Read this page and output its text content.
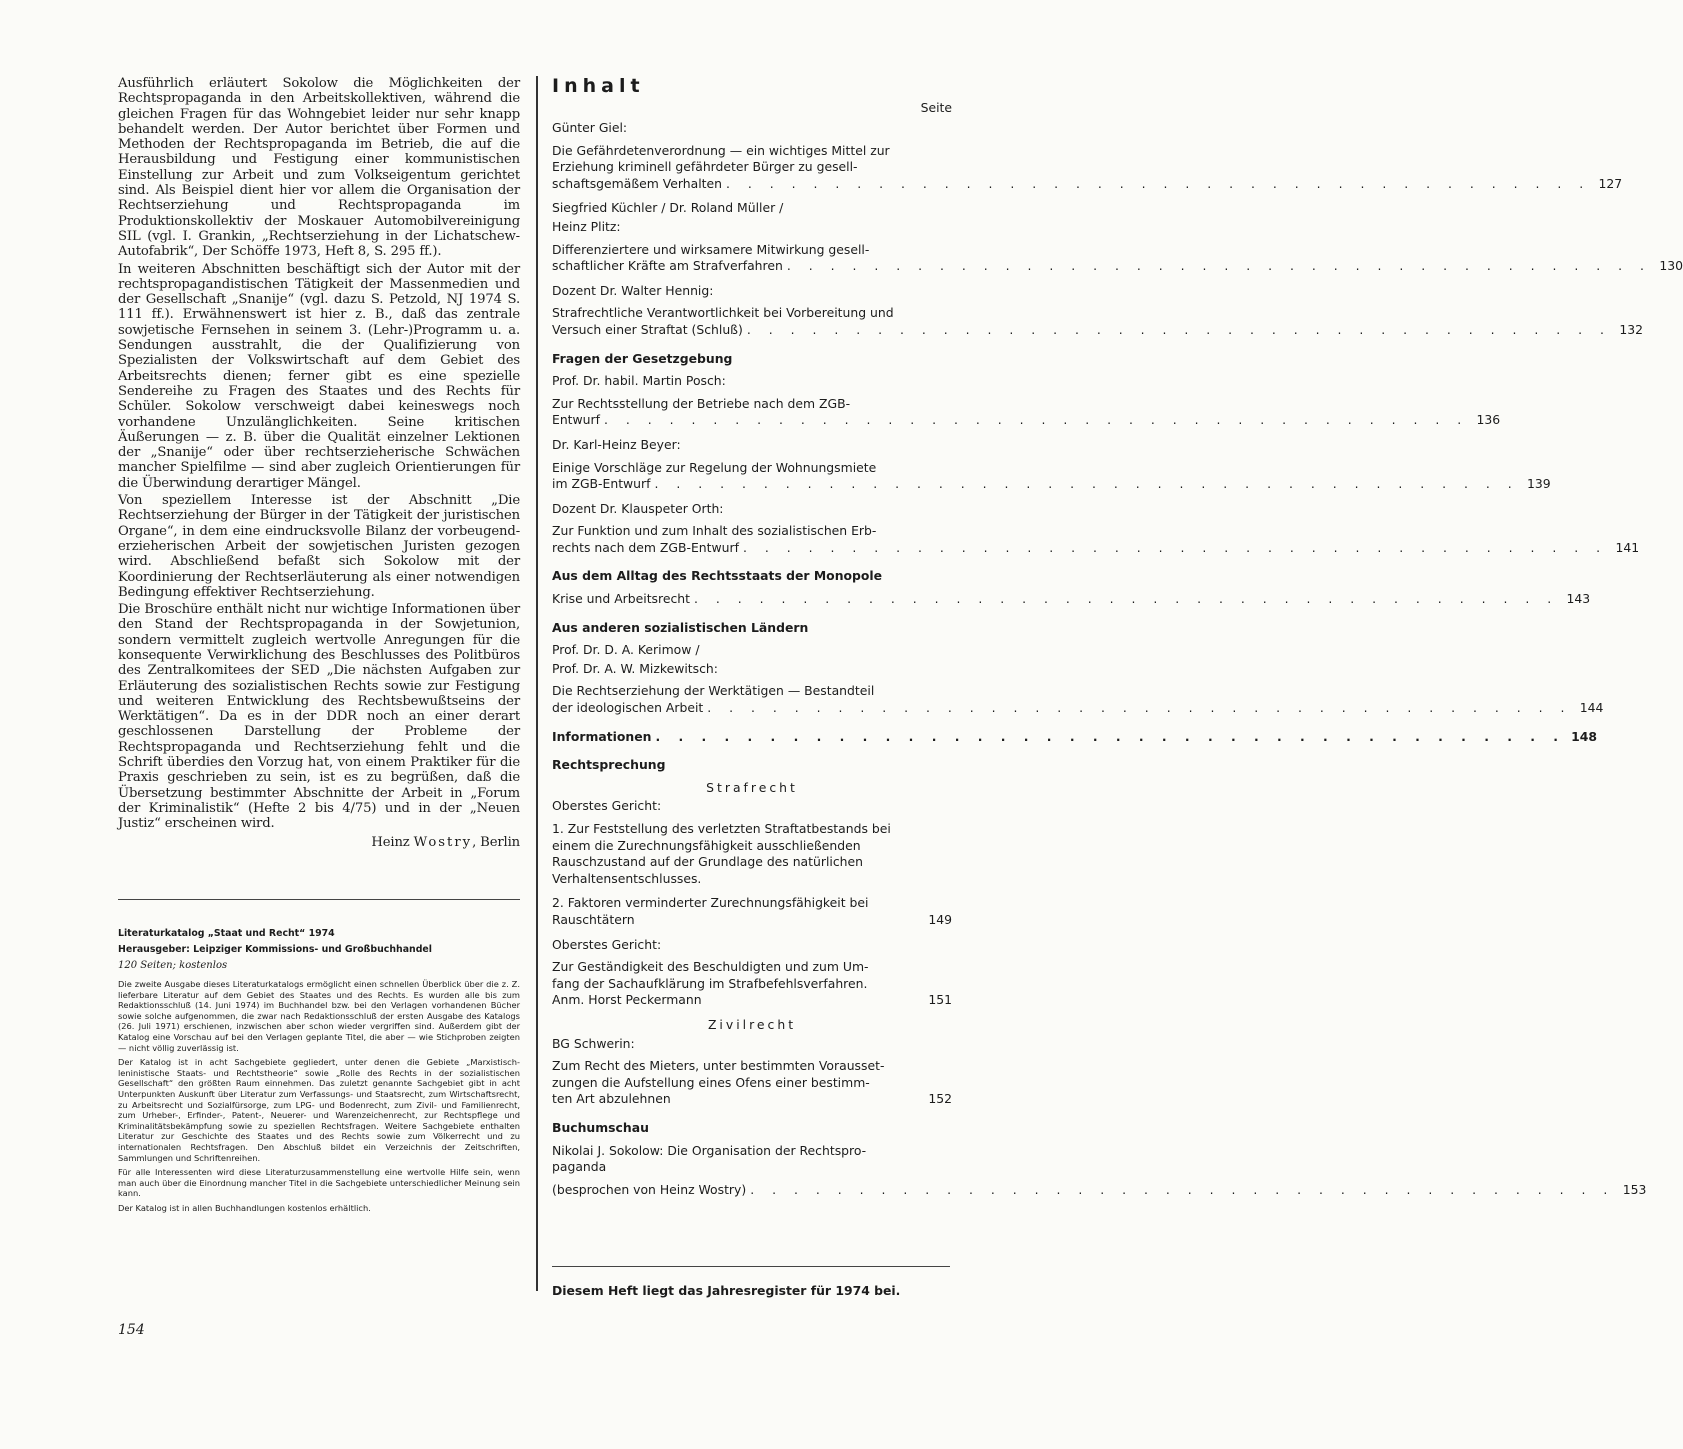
Ausführlich erläutert Sokolow die Möglichkeiten der Rechtspropaganda in den Arbeitskollektiven, während die gleichen Fragen für das Wohngebiet leider nur sehr knapp behandelt werden. Der Autor berichtet über Formen und Methoden der Rechtspropaganda im Betrieb, die auf die Herausbildung und Festigung einer kommunistischen Einstellung zur Arbeit und zum Volkseigentum gerichtet sind. Als Beispiel dient hier vor allem die Organisation der Rechtserziehung und Rechtspropaganda im Produktionskollektiv der Moskauer Automobilvereinigung SIL (vgl. I. Grankin, „Rechtserziehung in der Lichatschew-Autofabrik“, Der Schöffe 1973, Heft 8, S. 295 ff.).

In weiteren Abschnitten beschäftigt sich der Autor mit der rechtspropagandistischen Tätigkeit der Massenmedien und der Gesellschaft „Snanije“ (vgl. dazu S. Petzold, NJ 1974 S. 111 ff.). Erwähnenswert ist hier z. B., daß das zentrale sowjetische Fernsehen in seinem 3. (Lehr-)Programm u. a. Sendungen ausstrahlt, die der Qualifizierung von Spezialisten der Volkswirtschaft auf dem Gebiet des Arbeitsrechts dienen; ferner gibt es eine spezielle Sendereihe zu Fragen des Staates und des Rechts für Schüler. Sokolow verschweigt dabei keineswegs noch vorhandene Unzulänglichkeiten. Seine kritischen Äußerungen — z. B. über die Qualität einzelner Lektionen der „Snanije“ oder über rechtserzieherische Schwächen mancher Spielfilme — sind aber zugleich Orientierungen für die Überwindung derartiger Mängel.

Von speziellem Interesse ist der Abschnitt „Die Rechtserziehung der Bürger in der Tätigkeit der juristischen Organe“, in dem eine eindrucksvolle Bilanz der vorbeugend-erzieherischen Arbeit der sowjetischen Juristen gezogen wird. Abschließend befaßt sich Sokolow mit der Koordinierung der Rechtserläuterung als einer notwendigen Bedingung effektiver Rechtserziehung.

Die Broschüre enthält nicht nur wichtige Informationen über den Stand der Rechtspropaganda in der Sowjetunion, sondern vermittelt zugleich wertvolle Anregungen für die konsequente Verwirklichung des Beschlusses des Politbüros des Zentralkomitees der SED „Die nächsten Aufgaben zur Erläuterung des sozialistischen Rechts sowie zur Festigung und weiteren Entwicklung des Rechtsbewußtseins der Werktätigen“. Da es in der DDR noch an einer derart geschlossenen Darstellung der Probleme der Rechtspropaganda und Rechtserziehung fehlt und die Schrift überdies den Vorzug hat, von einem Praktiker für die Praxis geschrieben zu sein, ist es zu begrüßen, daß die Übersetzung bestimmter Abschnitte der Arbeit in „Forum der Kriminalistik“ (Hefte 2 bis 4/75) und in der „Neuen Justiz“ erscheinen wird.

Heinz Wostry, Berlin
Literaturkatalog „Staat und Recht“ 1974
Herausgeber: Leipziger Kommissions- und Großbuchhandel
120 Seiten; kostenlos

Die zweite Ausgabe dieses Literaturkatalogs ermöglicht einen schnellen Überblick über die z. Z. lieferbare Literatur auf dem Gebiet des Staates und des Rechts. Es wurden alle bis zum Redaktionsschluß (14. Juni 1974) im Buchhandel bzw. bei den Verlagen vorhandenen Bücher sowie solche aufgenommen, die zwar nach Redaktionsschluß der ersten Ausgabe des Katalogs (26. Juli 1971) erschienen, inzwischen aber schon wieder vergriffen sind. Außerdem gibt der Katalog eine Vorschau auf bei den Verlagen geplante Titel, die aber — wie Stichproben zeigten — nicht völlig zuverlässig ist.

Der Katalog ist in acht Sachgebiete gegliedert, unter denen die Gebiete „Marxistisch-leninistische Staats- und Rechtstheorie“ sowie „Rolle des Rechts in der sozialistischen Gesellschaft“ den größten Raum einnehmen. Das zuletzt genannte Sachgebiet gibt in acht Unterpunkten Auskunft über Literatur zum Verfassungs- und Staatsrecht, zum Wirtschaftsrecht, zu Arbeitsrecht und Sozialfürsorge, zum LPG- und Bodenrecht, zum Zivil- und Familienrecht, zum Urheber-, Erfinder-, Patent-, Neuerer- und Warenzeichenrecht, zur Rechtspflege und Kriminalitätsbekämpfung sowie zu speziellen Rechtsfragen. Weitere Sachgebiete enthalten Literatur zur Geschichte des Staates und des Rechts sowie zum Völkerrecht und zu internationalen Rechtsfragen. Den Abschluß bildet ein Verzeichnis der Zeitschriften, Sammlungen und Schriftenreihen.

Für alle Interessenten wird diese Literaturzusammenstellung eine wertvolle Hilfe sein, wenn man auch über die Einordnung mancher Titel in die Sachgebiete unterschiedlicher Meinung sein kann.

Der Katalog ist in allen Buchhandlungen kostenlos erhältlich.

154
Inhalt
Seite
Günter Giel:
Die Gefährdetenverordnung — ein wichtiges Mittel zur
Erziehung kriminell gefährdeter Bürger zu gesell-
schaftsgemäßem Verhalten . . . . . . . . . . . . . . . . . . . . . . . . . . . . . . . . . . . . . . . . 127
Siegfried Küchler / Dr. Roland Müller /
Heinz Plitz:
Differenziertere und wirksamere Mitwirkung gesell-
schaftlicher Kräfte am Strafverfahren . . . . . . . . . . . . . . . . . . . . . . . . . . . . . . . . . . . . . . . . 130
Dozent Dr. Walter Hennig:
Strafrechtliche Verantwortlichkeit bei Vorbereitung und
Versuch einer Straftat (Schluß) . . . . . . . . . . . . . . . . . . . . . . . . . . . . . . . . . . . . . . . . 132
Fragen der Gesetzgebung
Prof. Dr. habil. Martin Posch:
Zur Rechtsstellung der Betriebe nach dem ZGB-
Entwurf . . . . . . . . . . . . . . . . . . . . . . . . . . . . . . . . . . . . . . . . 136
Dr. Karl-Heinz Beyer:
Einige Vorschläge zur Regelung der Wohnungsmiete
im ZGB-Entwurf . . . . . . . . . . . . . . . . . . . . . . . . . . . . . . . . . . . . . . . . 139
Dozent Dr. Klauspeter Orth:
Zur Funktion und zum Inhalt des sozialistischen Erb-
rechts nach dem ZGB-Entwurf . . . . . . . . . . . . . . . . . . . . . . . . . . . . . . . . . . . . . . . . 141
Aus dem Alltag des Rechtsstaats der Monopole
Krise und Arbeitsrecht . . . . . . . . . . . . . . . . . . . . . . . . . . . . . . . . . . . . . . . . 143
Aus anderen sozialistischen Ländern
Prof. Dr. D. A. Kerimow /
Prof. Dr. A. W. Mizkewitsch:
Die Rechtserziehung der Werktätigen — Bestandteil
der ideologischen Arbeit . . . . . . . . . . . . . . . . . . . . . . . . . . . . . . . . . . . . . . . . 144
Informationen . . . . . . . . . . . . . . . . . . . . . . . . . . . . . . . . . . . . . . . . 148
Rechtsprechung
Strafrecht
Oberstes Gericht:
1. Zur Feststellung des verletzten Straftatbestands bei
einem die Zurechnungsfähigkeit ausschließenden
Rauschzustand auf der Grundlage des natürlichen
Verhaltensentschlusses.
2. Faktoren verminderter Zurechnungsfähigkeit bei
Rauschtätern	149
Oberstes Gericht:
Zur Geständigkeit des Beschuldigten und zum Um-
fang der Sachaufklärung im Strafbefehlsverfahren.
Anm. Horst Peckermann	151
Zivilrecht
BG Schwerin:
Zum Recht des Mieters, unter bestimmten Vorausset-
zungen die Aufstellung eines Ofens einer bestimm-
ten Art abzulehnen	152
Buchumschau
Nikolai J. Sokolow: Die Organisation der Rechtspro-
paganda
(besprochen von Heinz Wostry) . . . . . . . . . . . . . . . . . . . . . . . . . . . . . . . . . . . . . . . . 153
Diesem Heft liegt das Jahresregister für 1974 bei.
